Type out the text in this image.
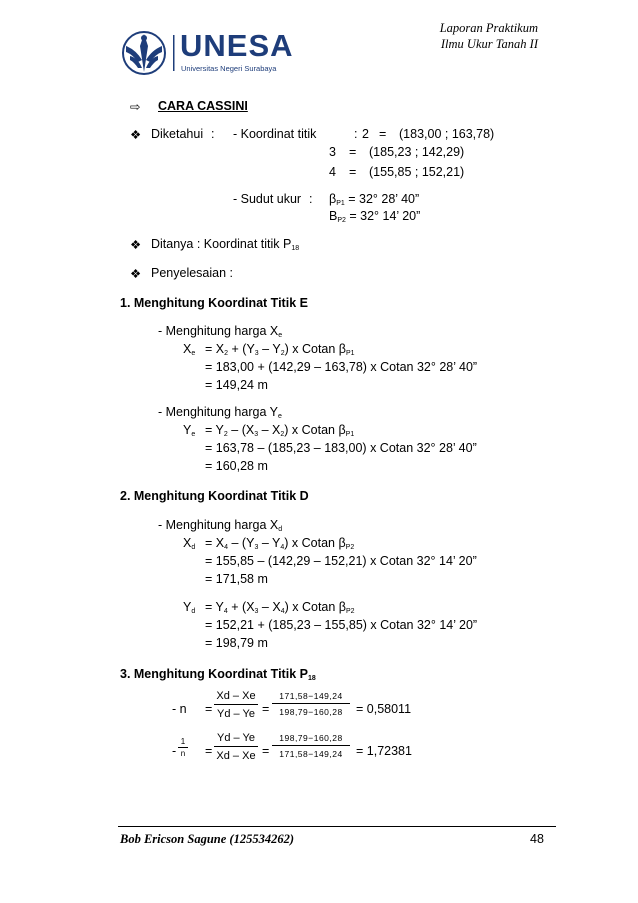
UNESA
Universitas Negeri Surabaya
Laporan Praktikum
Ilmu Ukur Tanah II
⇨ CARA CASSINI
❖ Diketahui : - Koordinat titik	: 2 = (183,00 ; 163,78)
3 = (185,23 ; 142,29)
4 = (155,85 ; 152,21)
- Sudut ukur : $\beta_{P1} = 32^\circ$ 28’ 40”
$B_{P2} = 32^\circ$ 14’ 20”
❖ Ditanya : Koordinat titik $P_{18}$
❖ Penyelesaian :
1. Menghitung Koordinat Titik E
- Menghitung harga $X_e$
$X_e = X_2 + (Y_3 - Y_2)$ x Cotan $\beta_{P1}$
= 183,00 + (142,29 – 163,78) x Cotan 32° 28’ 40”
= 149,24 m
- Menghitung harga $Y_e$
$Y_e = Y_2 - (X_3 - X_2)$ x Cotan $\beta_{P1}$
= 163,78 – (185,23 – 183,00) x Cotan 32° 28’ 40”
= 160,28 m
2. Menghitung Koordinat Titik D
- Menghitung harga $X_d$
$X_d = X_4 - (Y_3 - Y_4)$ x Cotan $\beta_{P2}$
= 155,85 – (142,29 – 152,21) x Cotan 32° 14’ 20”
= 171,58 m
$Y_d = Y_4 + (X_3 - X_4)$ x Cotan $\beta_{P2}$
= 152,21 + (185,23 – 155,85) x Cotan 32° 14’ 20”
= 198,79 m
3. Menghitung Koordinat Titik $P_{18}$
- $n = \frac{Xd - Xe}{Yd - Ye} = \frac{171,58-149,24}{198,79-160,28} = 0,58011$
- $\frac{1}{n} = \frac{Yd - Ye}{Xd - Xe} = \frac{198,79-160,28}{171,58-149,24} = 1,72381$
Bob Ericson Sagune (125534262)	48
